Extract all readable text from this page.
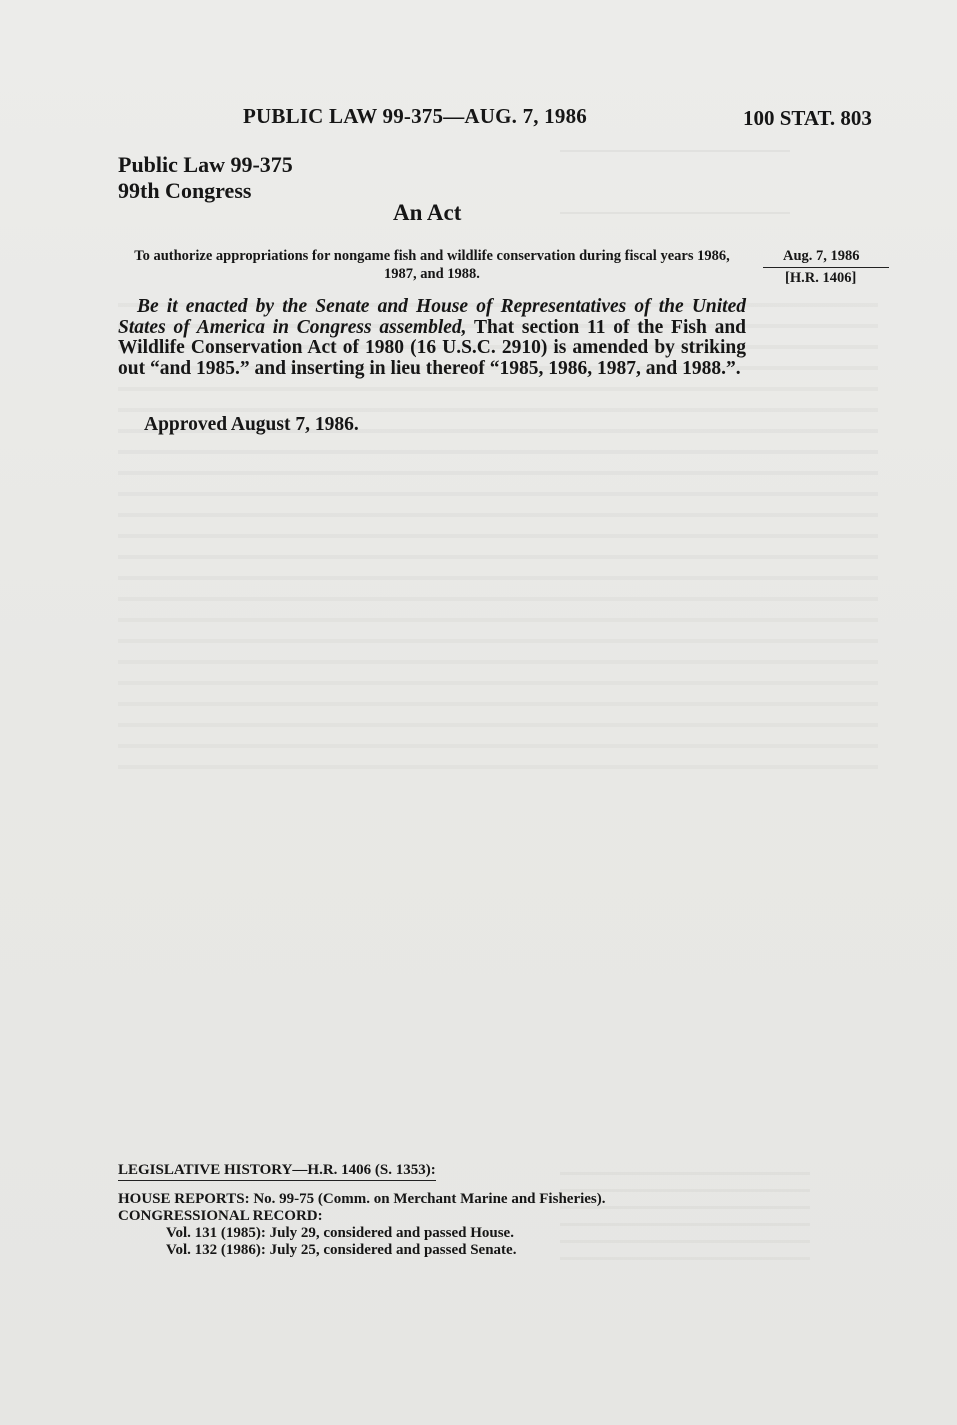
PUBLIC LAW 99-375—AUG. 7, 1986	100 STAT. 803
Public Law 99-375
99th Congress
An Act
To authorize appropriations for nongame fish and wildlife conservation during fiscal years 1986, 1987, and 1988.
Aug. 7, 1986
[H.R. 1406]

Be it enacted by the Senate and House of Representatives of the United States of America in Congress assembled, That section 11 of the Fish and Wildlife Conservation Act of 1980 (16 U.S.C. 2910) is amended by striking out “and 1985.” and inserting in lieu thereof “1985, 1986, 1987, and 1988.”.

Approved August 7, 1986.
LEGISLATIVE HISTORY—H.R. 1406 (S. 1353):
HOUSE REPORTS: No. 99-75 (Comm. on Merchant Marine and Fisheries).
CONGRESSIONAL RECORD:
Vol. 131 (1985): July 29, considered and passed House.
Vol. 132 (1986): July 25, considered and passed Senate.
